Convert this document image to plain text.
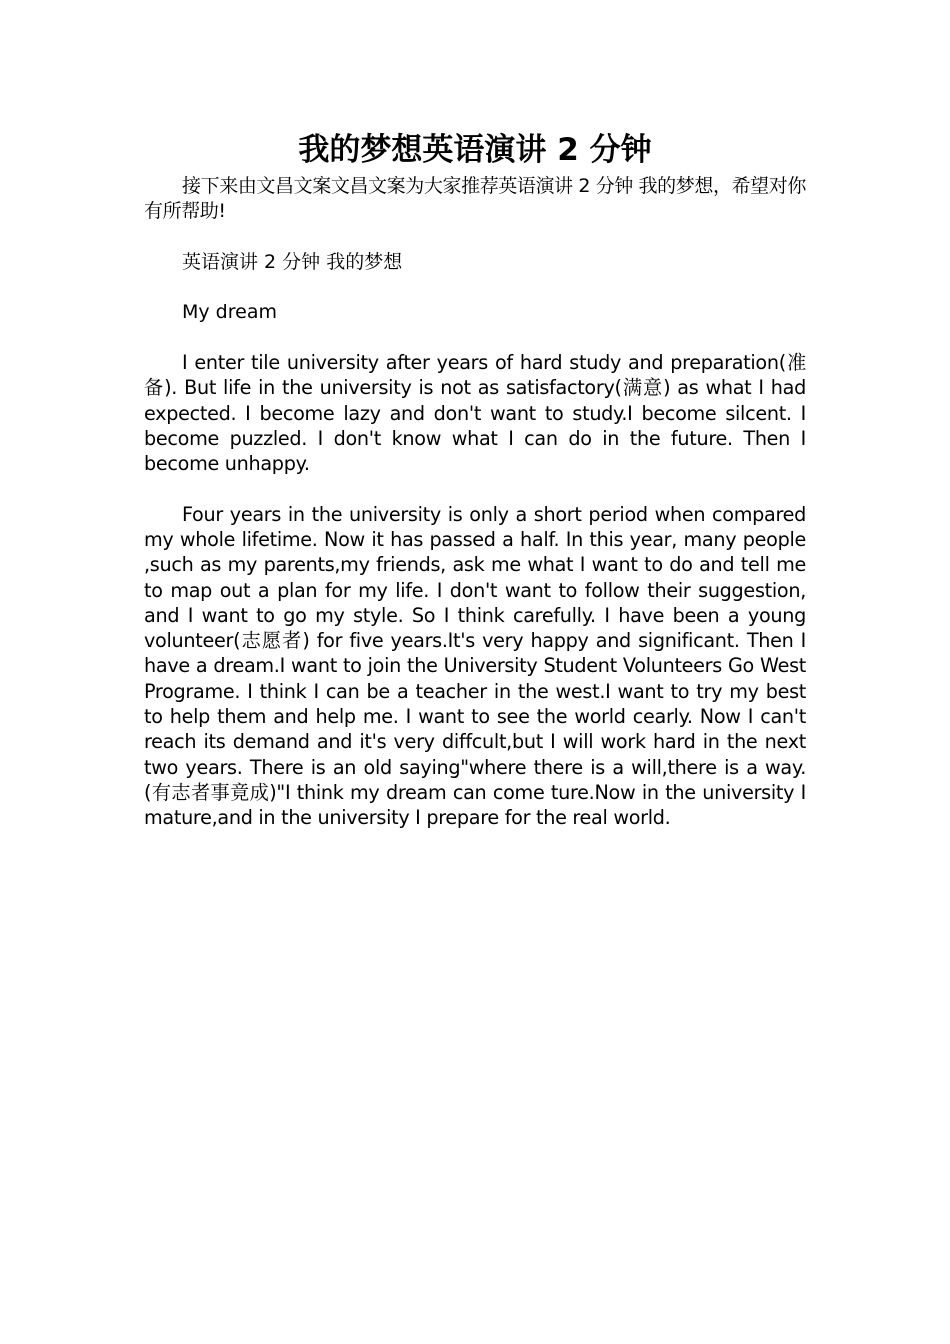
我的梦想英语演讲 2 分钟

接下来由文昌文案文昌文案为大家推荐英语演讲 2 分钟 我的梦想，希望对你有所帮助!

英语演讲 2 分钟 我的梦想

My dream

I enter tile university after years of hard study and preparation(准备). But life in the university is not as satisfactory(满意) as what I had expected. I become lazy and don't want to study.I become silcent. I become puzzled. I don't know what I can do in the future. Then I become unhappy.

Four years in the university is only a short period when compared my whole lifetime. Now it has passed a half. In this year, many people ,such as my parents,my friends, ask me what I want to do and tell me to map out a plan for my life. I don't want to follow their suggestion, and I want to go my style. So I think carefully. I have been a young volunteer(志愿者) for five years.It's very happy and significant. Then I have a dream.I want to join the University Student Volunteers Go West Programe. I think I can be a teacher in the west.I want to try my best to help them and help me. I want to see the world cearly. Now I can't reach its demand and it's very diffcult,but I will work hard in the next two years. There is an old saying"where there is a will,there is a way.(有志者事竟成)"I think my dream can come ture.Now in the university I mature,and in the university I prepare for the real world.
